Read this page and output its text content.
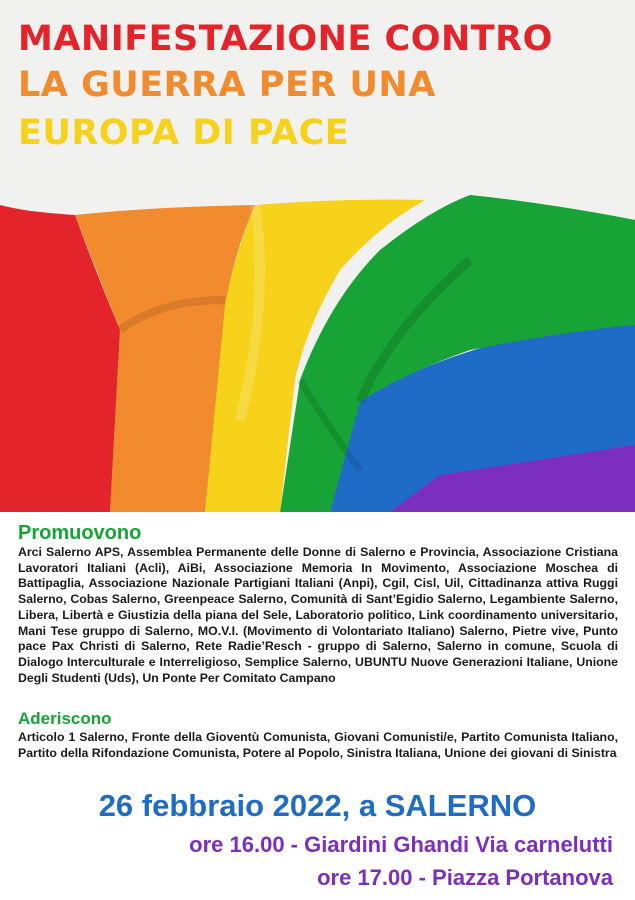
MANIFESTAZIONE CONTRO
LA GUERRA PER UNA
EUROPA DI PACE
Promuovono

Arci Salerno APS, Assemblea Permanente delle Donne di Salerno e Provincia, Associazione Cristiana Lavoratori Italiani (Acli), AiBi, Associazione Memoria In Movimento, Associazione Moschea di Battipaglia, Associazione Nazionale Partigiani Italiani (Anpi), Cgil, Cisl, Uil, Cittadinanza attiva Ruggi Salerno, Cobas Salerno, Greenpeace Salerno, Comunità di Sant’Egidio Salerno, Legambiente Salerno, Libera, Libertà e Giustizia della piana del Sele, Laboratorio politico, Link coordinamento universitario, Mani Tese gruppo di Salerno, MO.V.I. (Movimento di Volontariato Italiano) Salerno, Pietre vive, Punto pace Pax Christi di Salerno, Rete Radie’Resch - gruppo di Salerno, Salerno in comune, Scuola di Dialogo Interculturale e Interreligioso, Semplice Salerno, UBUNTU Nuove Generazioni Italiane, Unione Degli Studenti (Uds), Un Ponte Per Comitato Campano

Aderiscono

Articolo 1 Salerno, Fronte della Gioventù Comunista, Giovani Comunisti/e, Partito Comunista Italiano, Partito della Rifondazione Comunista, Potere al Popolo, Sinistra Italiana, Unione dei giovani di Sinistra

26 febbraio 2022, a SALERNO
ore 16.00 - Giardini Ghandi Via carnelutti
ore 17.00 - Piazza Portanova
